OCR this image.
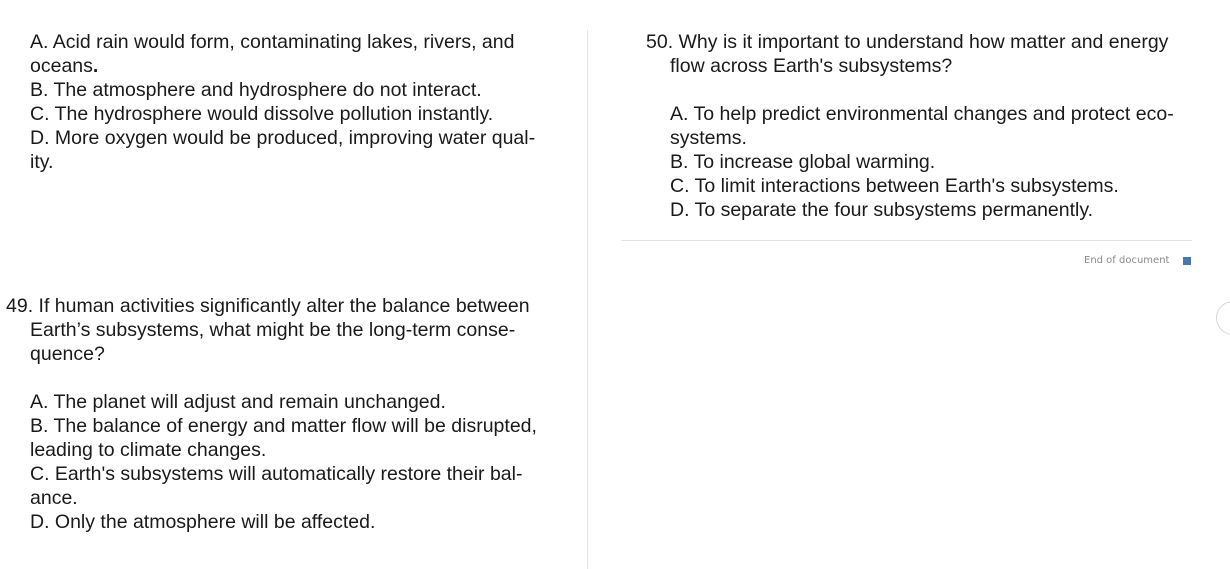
A. Acid rain would form, contaminating lakes, rivers, and
oceans.
B. The atmosphere and hydrosphere do not interact.
C. The hydrosphere would dissolve pollution instantly.
D. More oxygen would be produced, improving water qual-
ity.
49. If human activities significantly alter the balance between
Earth’s subsystems, what might be the long-term conse-
quence?
A. The planet will adjust and remain unchanged.
B. The balance of energy and matter flow will be disrupted,
leading to climate changes.
C. Earth's subsystems will automatically restore their bal-
ance.
D. Only the atmosphere will be affected.
50. Why is it important to understand how matter and energy
flow across Earth's subsystems?
A. To help predict environmental changes and protect eco-
systems.
B. To increase global warming.
C. To limit interactions between Earth's subsystems.
D. To separate the four subsystems permanently.
End of document
